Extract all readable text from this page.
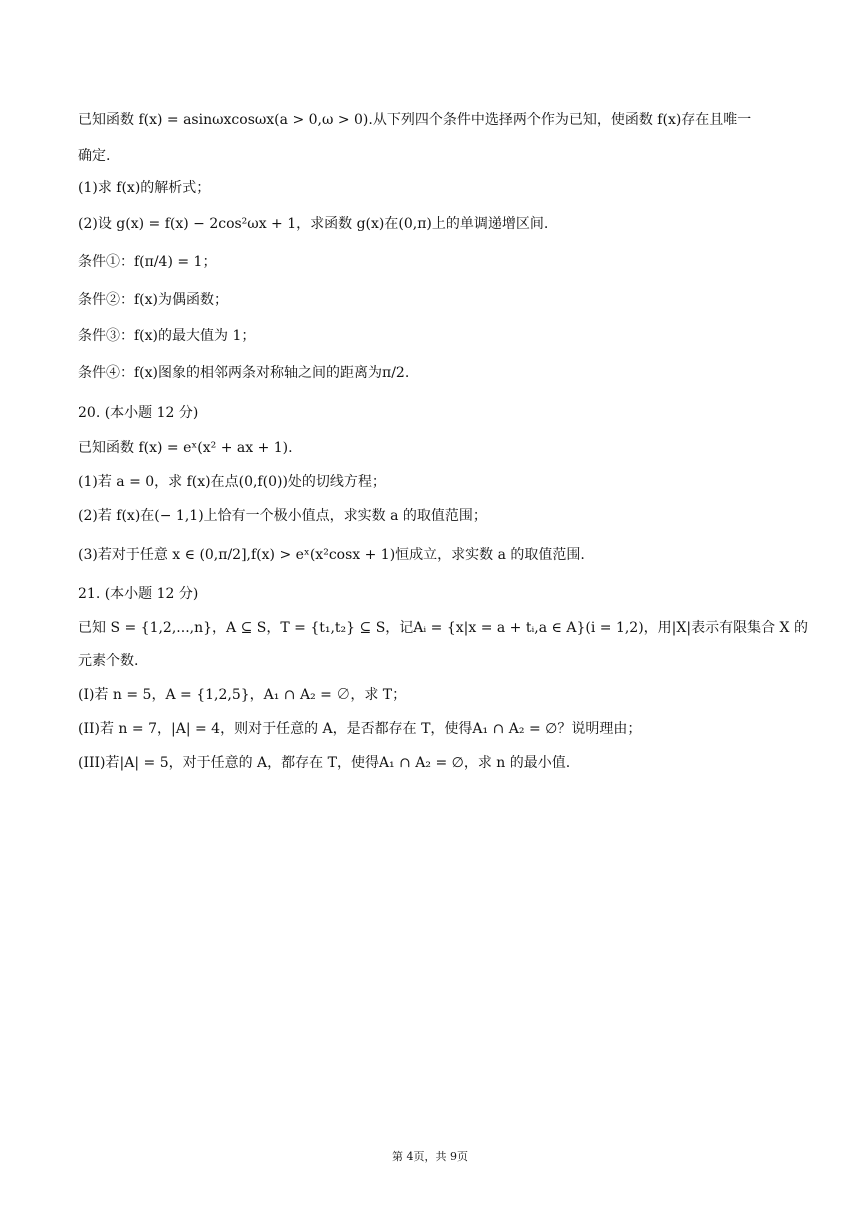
已知函数 f(x) = asinωxcosωx(a > 0,ω > 0).从下列四个条件中选择两个作为已知，使函数 f(x)存在且唯一
确定.
(1)求 f(x)的解析式；
(2)设 g(x) = f(x) − 2cos²ωx + 1，求函数 g(x)在(0,π)上的单调递增区间.
条件①：f(π/4) = 1；
条件②：f(x)为偶函数；
条件③：f(x)的最大值为 1；
条件④：f(x)图象的相邻两条对称轴之间的距离为π/2.
20. (本小题 12 分)
已知函数 f(x) = eˣ(x² + ax + 1).
(1)若 a = 0，求 f(x)在点(0,f(0))处的切线方程；
(2)若 f(x)在(− 1,1)上恰有一个极小值点，求实数 a 的取值范围；
(3)若对于任意 x ∈ (0,π/2],f(x) > eˣ(x²cosx + 1)恒成立，求实数 a 的取值范围.
21. (本小题 12 分)
已知 S = {1,2,...,n}，A ⊆ S，T = {t₁,t₂} ⊆ S，记Aᵢ = {x|x = a + tᵢ,a ∈ A}(i = 1,2)，用|X|表示有限集合 X 的
元素个数.
(I)若 n = 5，A = {1,2,5}，A₁ ∩ A₂ = ∅，求 T；
(II)若 n = 7，|A| = 4，则对于任意的 A，是否都存在 T，使得A₁ ∩ A₂ = ∅？说明理由；
(III)若|A| = 5，对于任意的 A，都存在 T，使得A₁ ∩ A₂ = ∅，求 n 的最小值.
第 4页，共 9页
